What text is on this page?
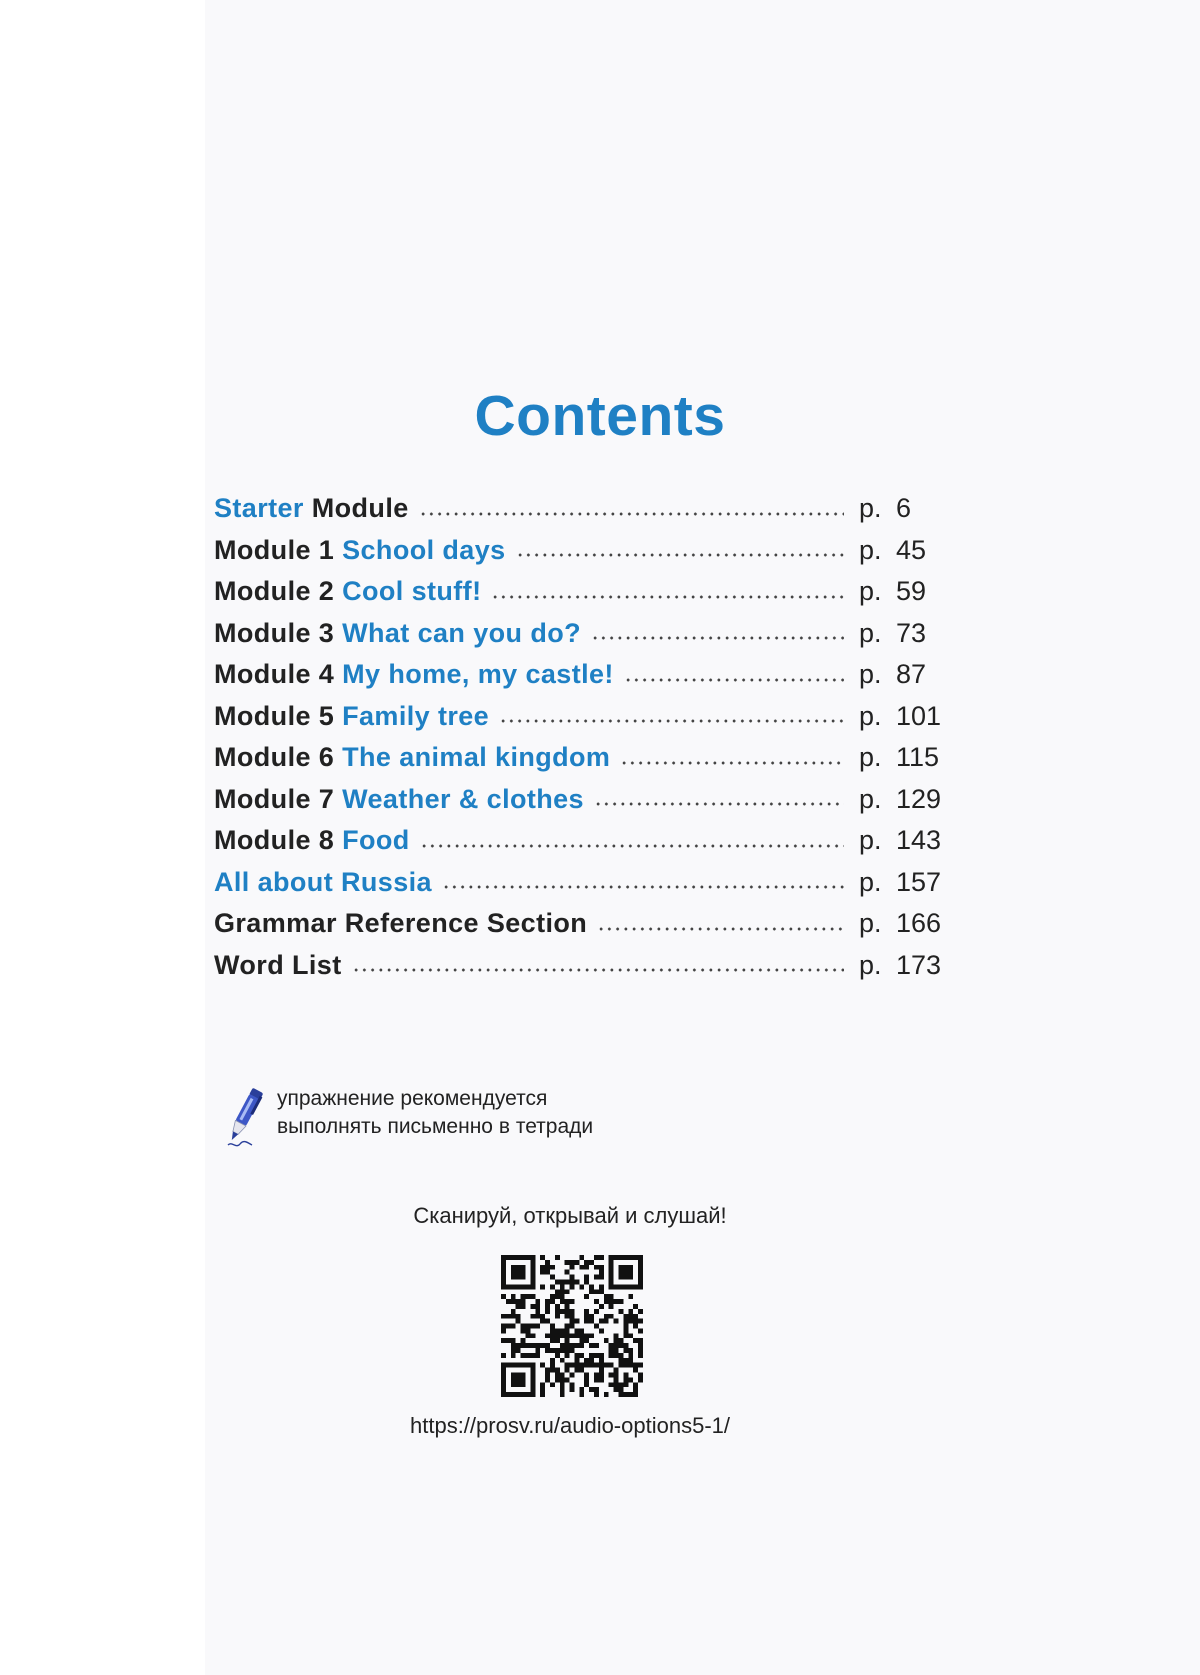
Contents
Starter Module	p. 6
Module 1 School days	p. 45
Module 2 Cool stuff!	p. 59
Module 3 What can you do?	p. 73
Module 4 My home, my castle!	p. 87
Module 5 Family tree	p. 101
Module 6 The animal kingdom	p. 115
Module 7 Weather & clothes	p. 129
Module 8 Food	p. 143
All about Russia	p. 157
Grammar Reference Section	p. 166
Word List	p. 173
упражнение рекомендуется
выполнять письменно в тетради
Сканируй, открывай и слушай!
https://prosv.ru/audio-options5-1/
